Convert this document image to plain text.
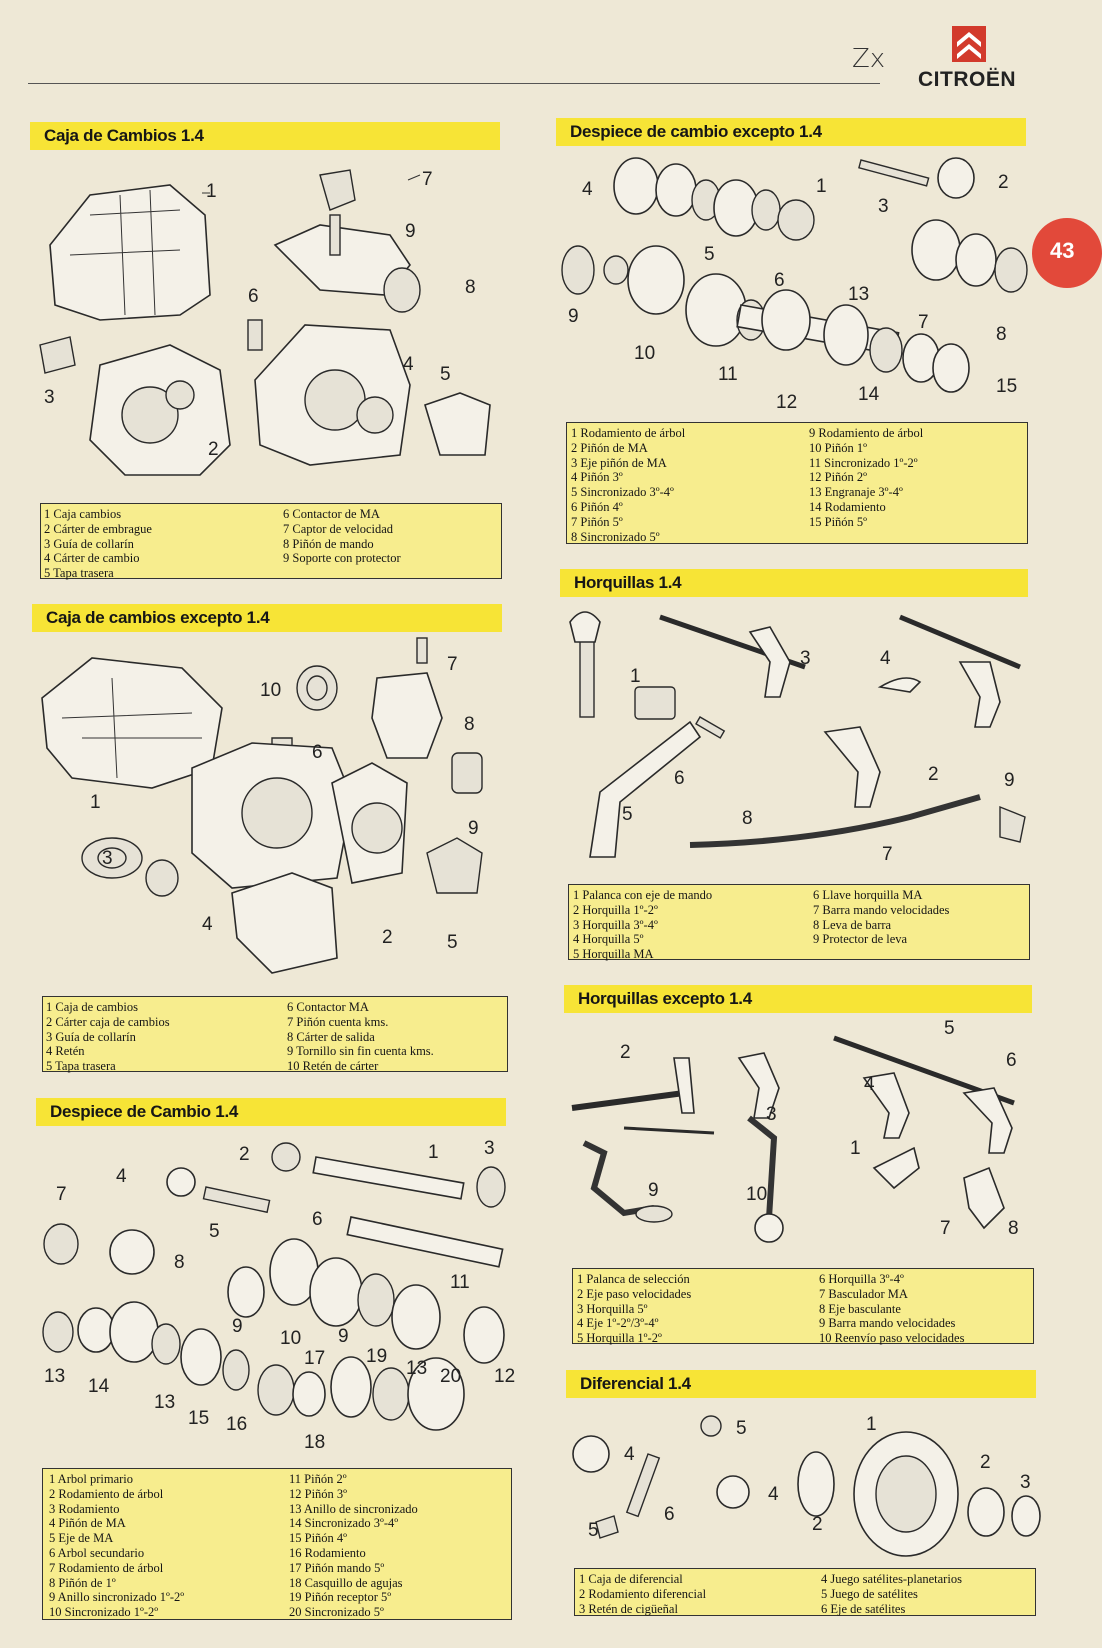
Zx
CITROËN
43
Caja de Cambios 1.4
1
2
3
4 5
6
7
8
9
1 Caja cambios
2 Cárter de embrague
3 Guía de collarín
4 Cárter de cambio
5 Tapa trasera
6 Contactor de MA
7 Captor de velocidad
8 Piñón de mando
9 Soporte con protector
Caja de cambios excepto 1.4
1
2
3
4
5
6
7
8
9
10
1 Caja de cambios
2 Cárter caja de cambios
3 Guía de collarín
4 Retén
5 Tapa trasera
6 Contactor MA
7 Piñón cuenta kms.
8 Cárter de salida
9 Tornillo sin fin cuenta kms.
10 Retén de cárter
Despiece de Cambio 1.4
1
2	3
4
5
6
7
8
9
10
11
12
13 14
13
15 16
17
18
19
13 20
9
1 Arbol primario
2 Rodamiento de árbol
3 Rodamiento
4 Piñón de MA
5 Eje de MA
6 Arbol secundario
7 Rodamiento de árbol
8 Piñón de 1º
9 Anillo sincronizado 1º-2º
10 Sincronizado 1º-2º
11 Piñón 2º
12 Piñón 3º
13 Anillo de sincronizado
14 Sincronizado 3º-4º
15 Piñón 4º
16 Rodamiento
17 Piñón mando 5º
18 Casquillo de agujas
19 Piñón receptor 5º
20 Sincronizado 5º
Despiece de cambio excepto 1.4
1	2
3
4
5
6
7
8
9
10
11
12
13
14	15
1 Rodamiento de árbol
2 Piñón de MA
3 Eje piñón de MA
4 Piñón 3º
5 Sincronizado 3º-4º
6 Piñón 4º
7 Piñón 5º
8 Sincronizado 5º
9 Rodamiento de árbol
10 Piñón 1º
11 Sincronizado 1º-2º
12 Piñón 2º
13 Engranaje 3º-4º
14 Rodamiento
15 Piñón 5º
Horquillas 1.4
1
2
3	4
5
6
7
8
9
1 Palanca con eje de mando
2 Horquilla 1º-2º
3 Horquilla 3º-4º
4 Horquilla 5º
5 Horquilla MA
6 Llave horquilla MA
7 Barra mando velocidades
8 Leva de barra
9 Protector de leva
Horquillas excepto 1.4
1
2
3
4
5
6
7	8
9	10
1 Palanca de selección
2 Eje paso velocidades
3 Horquilla 5º
4 Eje 1º-2º/3º-4º
5 Horquilla 1º-2º
6 Horquilla 3º-4º
7 Basculador MA
8 Eje basculante
9 Barra mando velocidades
10 Reenvío paso velocidades
Diferencial 1.4
1
2
3
4
5
6	2
4
5
1 Caja de diferencial
2 Rodamiento diferencial
3 Retén de cigüeñal
4 Juego satélites-planetarios
5 Juego de satélites
6 Eje de satélites
